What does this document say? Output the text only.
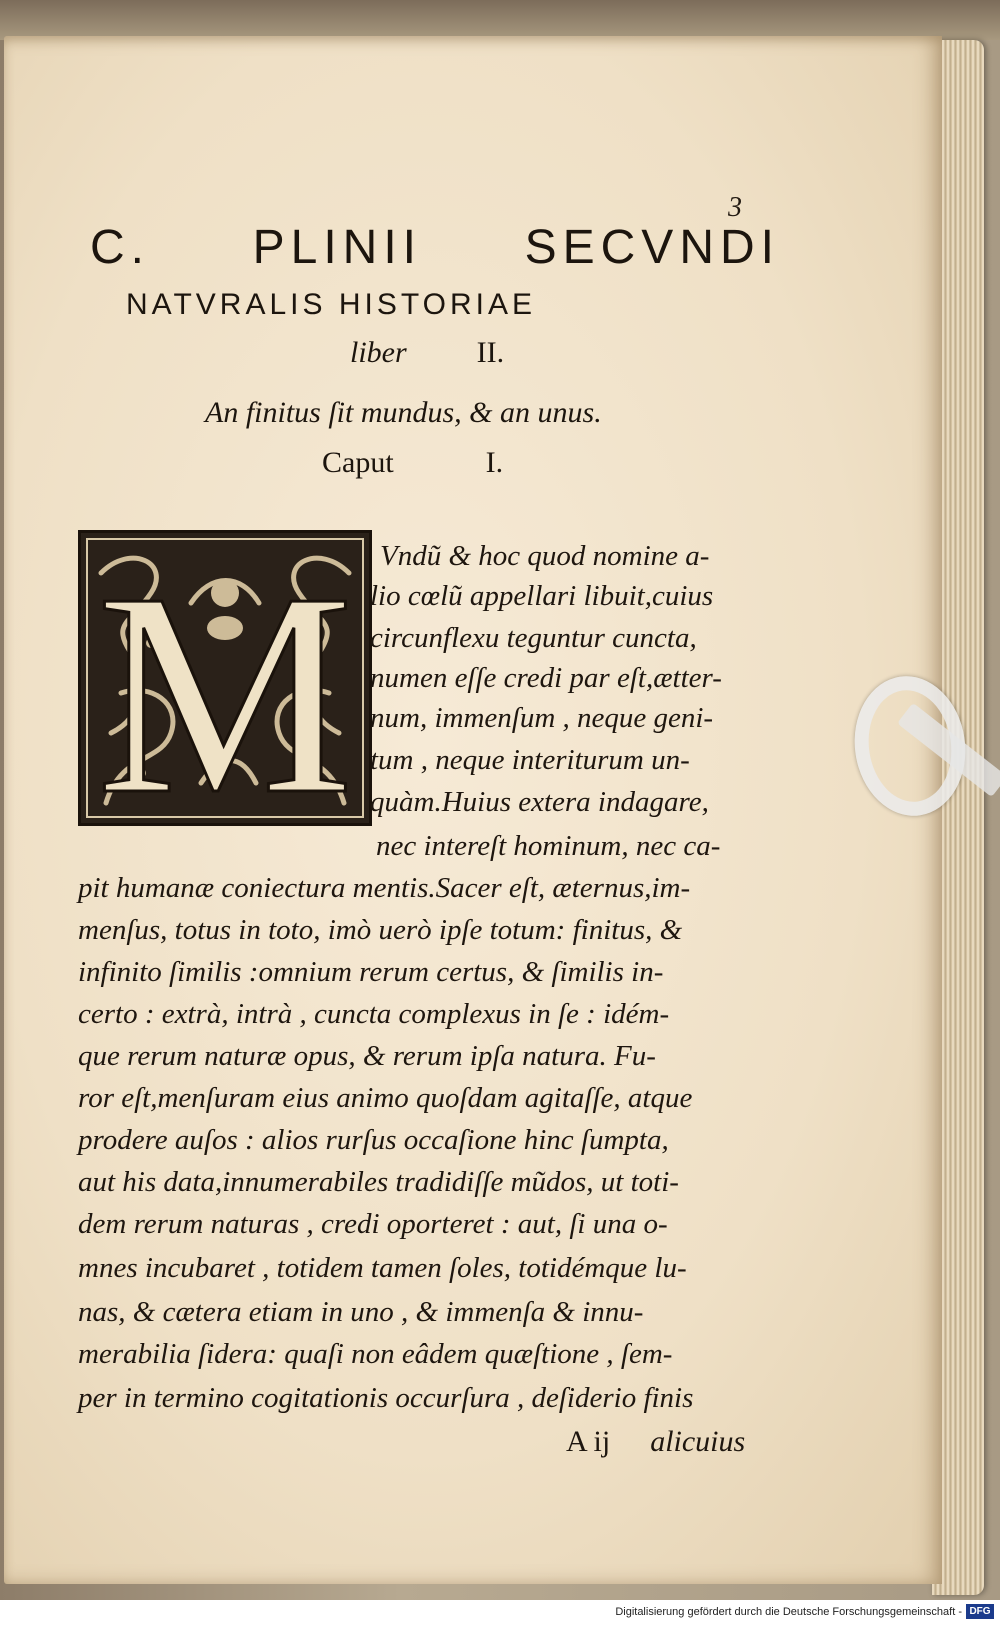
3
C. PLINII SECVNDI
NATVRALIS HISTORIAE
liber II.
An finitus ſit mundus, & an unus.
Caput	I.
M Vndũ & hoc quod nomine a-
lio cœlũ appellari libuit,cuius
circunflexu teguntur cuncta,
numen eſſe credi par eſt,ætter-
num, immenſum , neque geni-
tum , neque interiturum un-
quàm.Huius extera indagare,
nec intereſt hominum, nec ca-
pit humanæ coniectura mentis.Sacer eſt, æternus,im-
menſus, totus in toto, imò uerò ipſe totum: finitus, &
infinito ſimilis :omnium rerum certus, & ſimilis in-
certo : extrà, intrà , cuncta complexus in ſe : idém-
que rerum naturæ opus, & rerum ipſa natura. Fu-
ror eſt,menſuram eius animo quoſdam agitaſſe, atque
prodere auſos : alios rurſus occaſione hinc ſumpta,
aut his data,innumerabiles tradidiſſe mũdos, ut toti-
dem rerum naturas , credi oporteret : aut, ſi una o-
mnes incubaret , totidem tamen ſoles, totidémque lu-
nas, & cætera etiam in uno , & immenſa & innu-
merabilia ſidera: quaſi non eâdem quæſtione , ſem-
per in termino cogitationis occurſura , deſiderio finis
A ij alicuius
Digitalisierung gefördert durch die Deutsche Forschungsgemeinschaft - DFG
